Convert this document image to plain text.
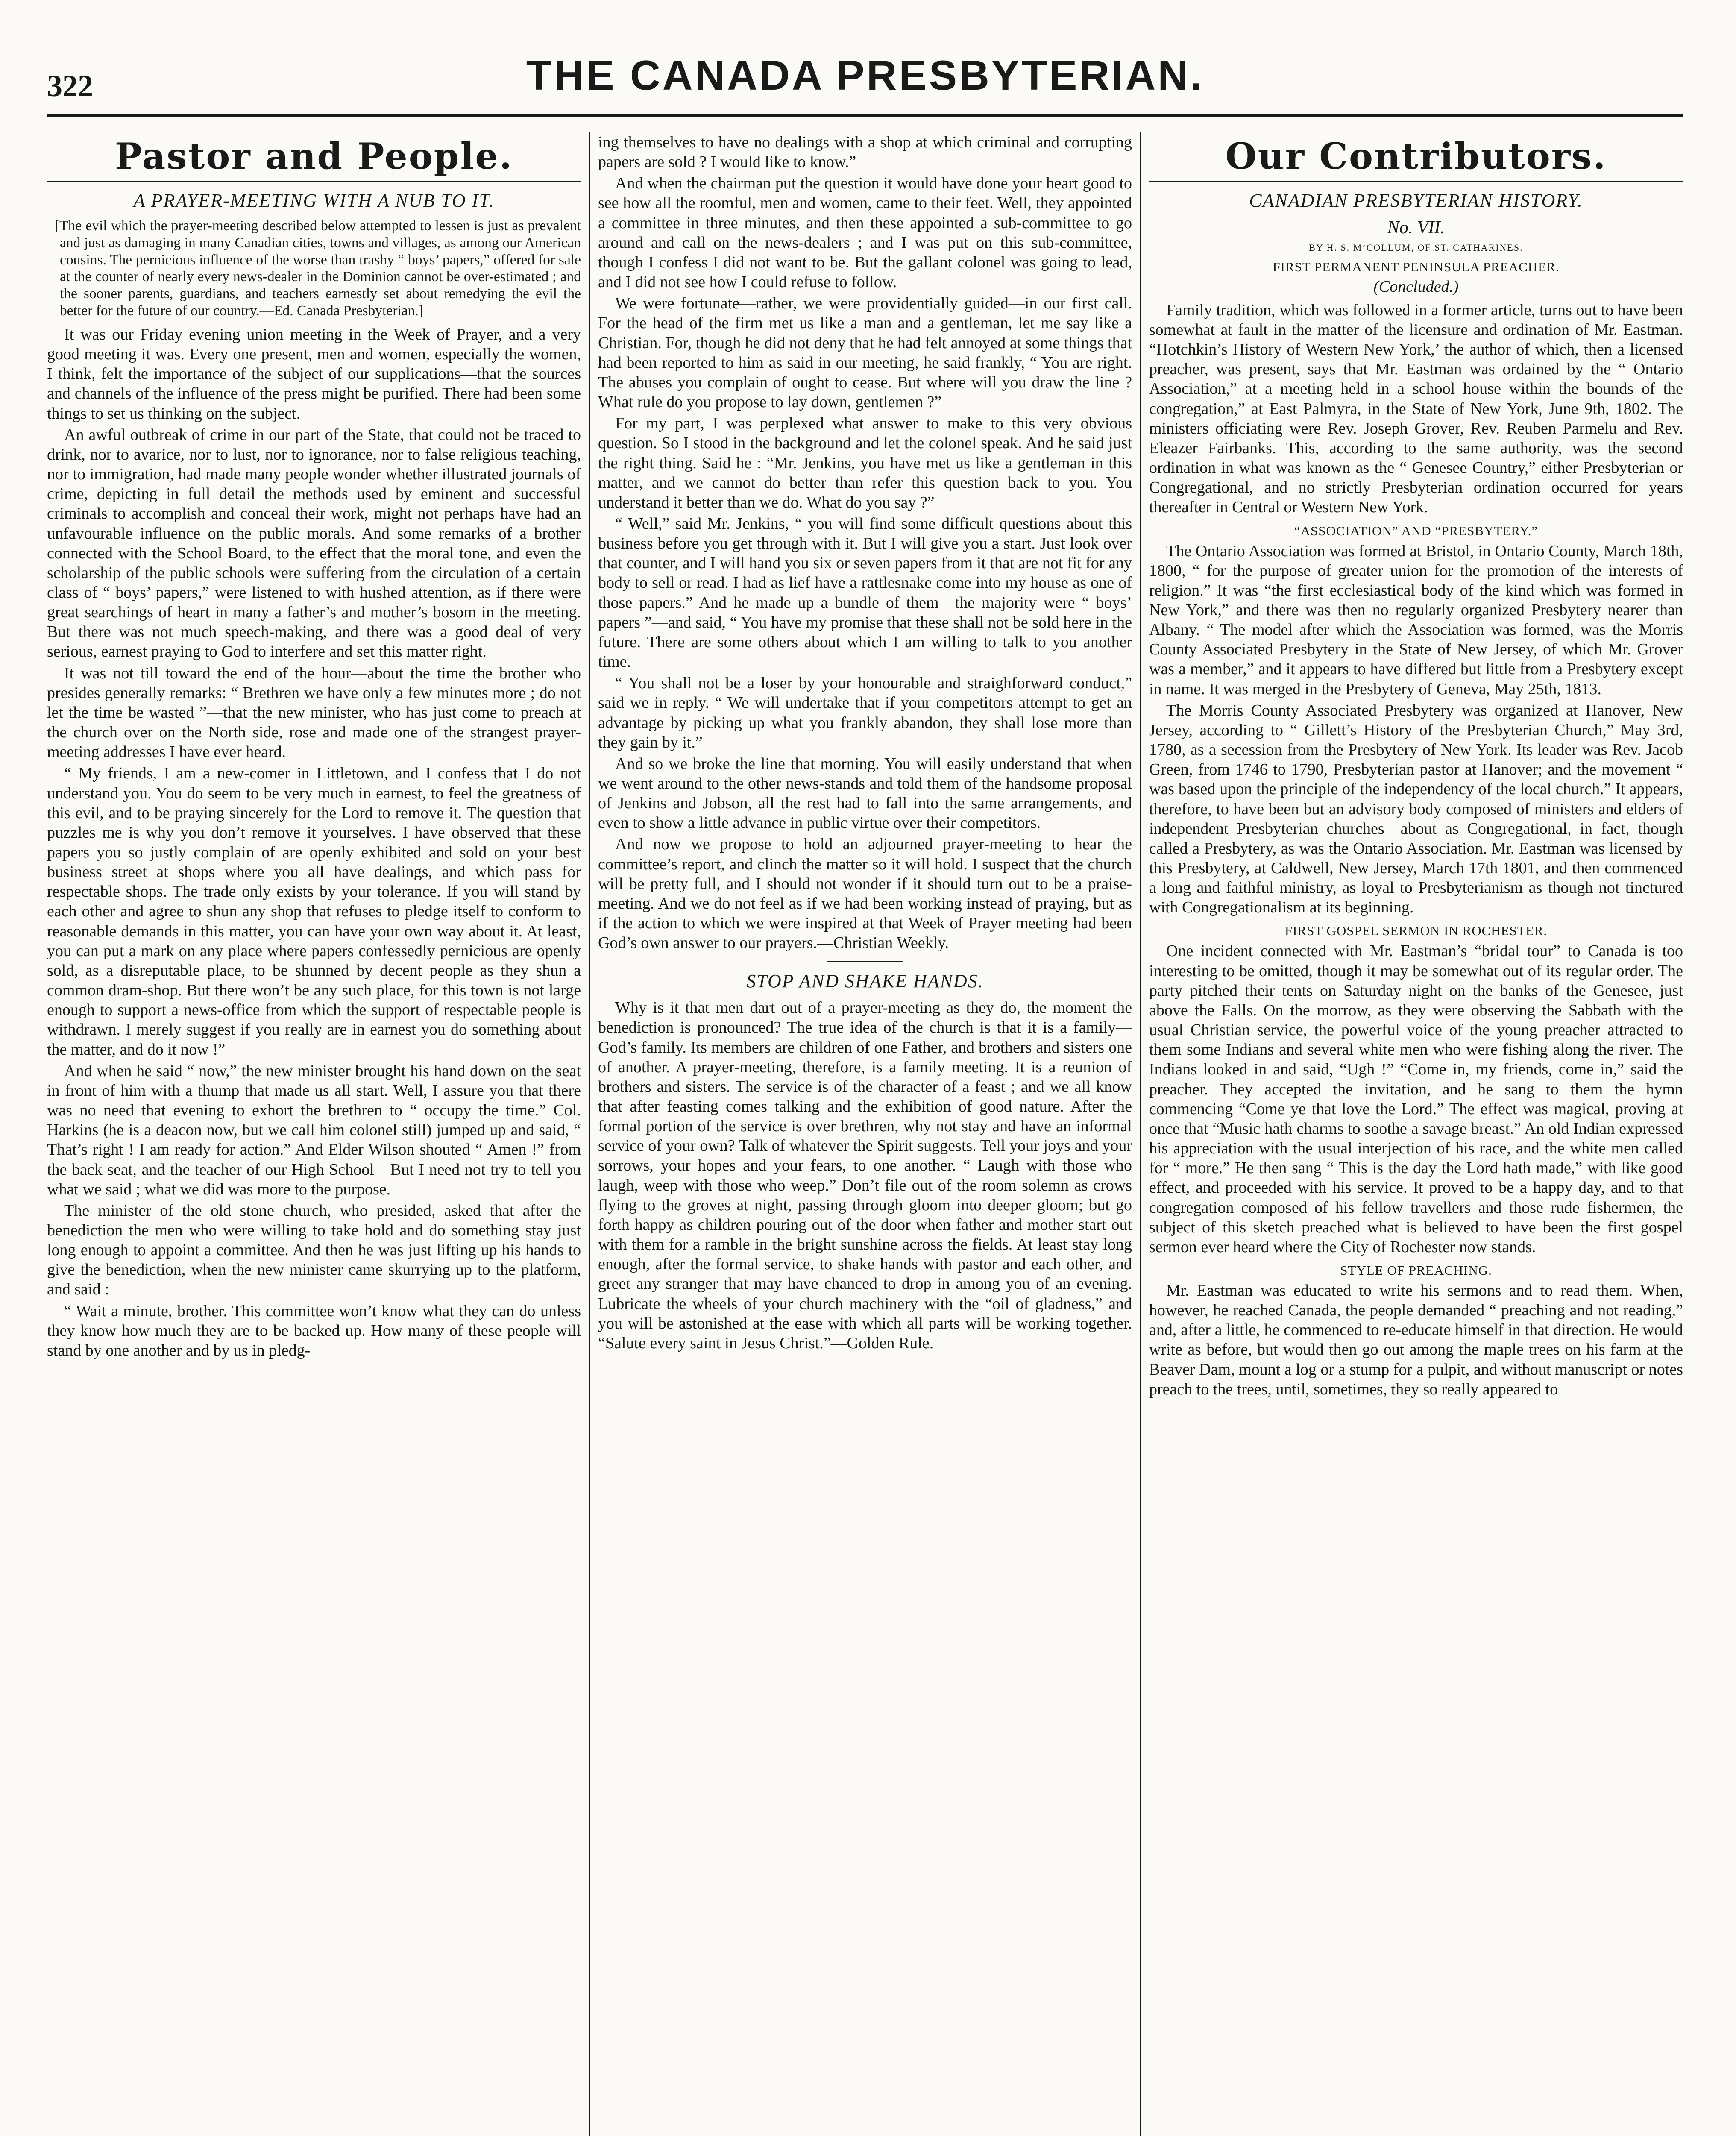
322	THE CANADA PRESBYTERIAN.
Pastor and People.
A PRAYER-MEETING WITH A NUB TO IT.
[The evil which the prayer-meeting described below attempted to lessen is just as prevalent and just as damaging in many Canadian cities, towns and villages, as among our American cousins. The pernicious influence of the worse than trashy “ boys’ papers,” offered for sale at the counter of nearly every news-dealer in the Dominion cannot be over-estimated ; and the sooner parents, guardians, and teachers earnestly set about remedying the evil the better for the future of our country.—Ed. Canada Presbyterian.]

It was our Friday evening union meeting in the Week of Prayer, and a very good meeting it was. Every one present, men and women, especially the women, I think, felt the importance of the subject of our supplications—that the sources and channels of the influence of the press might be purified. There had been some things to set us thinking on the subject.

An awful outbreak of crime in our part of the State, that could not be traced to drink, nor to avarice, nor to lust, nor to ignorance, nor to false religious teaching, nor to immigration, had made many people wonder whether illustrated journals of crime, depicting in full detail the methods used by eminent and successful criminals to accomplish and conceal their work, might not perhaps have had an unfavourable influence on the public morals. And some remarks of a brother connected with the School Board, to the effect that the moral tone, and even the scholarship of the public schools were suffering from the circulation of a certain class of “ boys’ papers,” were listened to with hushed attention, as if there were great searchings of heart in many a father’s and mother’s bosom in the meeting. But there was not much speech-making, and there was a good deal of very serious, earnest praying to God to interfere and set this matter right.

It was not till toward the end of the hour—about the time the brother who presides generally remarks: “ Brethren we have only a few minutes more ; do not let the time be wasted ”—that the new minister, who has just come to preach at the church over on the North side, rose and made one of the strangest prayer-meeting addresses I have ever heard.

“ My friends, I am a new-comer in Littletown, and I confess that I do not understand you. You do seem to be very much in earnest, to feel the greatness of this evil, and to be praying sincerely for the Lord to remove it. The question that puzzles me is why you don’t remove it yourselves. I have observed that these papers you so justly complain of are openly exhibited and sold on your best business street at shops where you all have dealings, and which pass for respectable shops. The trade only exists by your tolerance. If you will stand by each other and agree to shun any shop that refuses to pledge itself to conform to reasonable demands in this matter, you can have your own way about it. At least, you can put a mark on any place where papers confessedly pernicious are openly sold, as a disreputable place, to be shunned by decent people as they shun a common dram-shop. But there won’t be any such place, for this town is not large enough to support a news-office from which the support of respectable people is withdrawn. I merely suggest if you really are in earnest you do something about the matter, and do it now !”

And when he said “ now,” the new minister brought his hand down on the seat in front of him with a thump that made us all start. Well, I assure you that there was no need that evening to exhort the brethren to “ occupy the time.” Col. Harkins (he is a deacon now, but we call him colonel still) jumped up and said, “ That’s right ! I am ready for action.” And Elder Wilson shouted “ Amen !” from the back seat, and the teacher of our High School—But I need not try to tell you what we said ; what we did was more to the purpose.

The minister of the old stone church, who presided, asked that after the benediction the men who were willing to take hold and do something stay just long enough to appoint a committee. And then he was just lifting up his hands to give the benediction, when the new minister came skurrying up to the platform, and said :

“ Wait a minute, brother. This committee won’t know what they can do unless they know how much they are to be backed up. How many of these people will stand by one another and by us in pledg-

ing themselves to have no dealings with a shop at which criminal and corrupting papers are sold ? I would like to know.”

And when the chairman put the question it would have done your heart good to see how all the roomful, men and women, came to their feet. Well, they appointed a committee in three minutes, and then these appointed a sub-committee to go around and call on the news-dealers ; and I was put on this sub-committee, though I confess I did not want to be. But the gallant colonel was going to lead, and I did not see how I could refuse to follow.

We were fortunate—rather, we were providentially guided—in our first call. For the head of the firm met us like a man and a gentleman, let me say like a Christian. For, though he did not deny that he had felt annoyed at some things that had been reported to him as said in our meeting, he said frankly, “ You are right. The abuses you complain of ought to cease. But where will you draw the line ? What rule do you propose to lay down, gentlemen ?”

For my part, I was perplexed what answer to make to this very obvious question. So I stood in the background and let the colonel speak. And he said just the right thing. Said he : “Mr. Jenkins, you have met us like a gentleman in this matter, and we cannot do better than refer this question back to you. You understand it better than we do. What do you say ?”

“ Well,” said Mr. Jenkins, “ you will find some difficult questions about this business before you get through with it. But I will give you a start. Just look over that counter, and I will hand you six or seven papers from it that are not fit for any body to sell or read. I had as lief have a rattlesnake come into my house as one of those papers.” And he made up a bundle of them—the majority were “ boys’ papers ”—and said, “ You have my promise that these shall not be sold here in the future. There are some others about which I am willing to talk to you another time.

“ You shall not be a loser by your honourable and straighforward conduct,” said we in reply. “ We will undertake that if your competitors attempt to get an advantage by picking up what you frankly abandon, they shall lose more than they gain by it.”

And so we broke the line that morning. You will easily understand that when we went around to the other news-stands and told them of the handsome proposal of Jenkins and Jobson, all the rest had to fall into the same arrangements, and even to show a little advance in public virtue over their competitors.

And now we propose to hold an adjourned prayer-meeting to hear the committee’s report, and clinch the matter so it will hold. I suspect that the church will be pretty full, and I should not wonder if it should turn out to be a praise-meeting. And we do not feel as if we had been working instead of praying, but as if the action to which we were inspired at that Week of Prayer meeting had been God’s own answer to our prayers.—Christian Weekly.

STOP AND SHAKE HANDS.

Why is it that men dart out of a prayer-meeting as they do, the moment the benediction is pronounced? The true idea of the church is that it is a family—God’s family. Its members are children of one Father, and brothers and sisters one of another. A prayer-meeting, therefore, is a family meeting. It is a reunion of brothers and sisters. The service is of the character of a feast ; and we all know that after feasting comes talking and the exhibition of good nature. After the formal portion of the service is over brethren, why not stay and have an informal service of your own? Talk of whatever the Spirit suggests. Tell your joys and your sorrows, your hopes and your fears, to one another. “ Laugh with those who laugh, weep with those who weep.” Don’t file out of the room solemn as crows flying to the groves at night, passing through gloom into deeper gloom; but go forth happy as children pouring out of the door when father and mother start out with them for a ramble in the bright sunshine across the fields. At least stay long enough, after the formal service, to shake hands with pastor and each other, and greet any stranger that may have chanced to drop in among you of an evening. Lubricate the wheels of your church machinery with the “oil of gladness,” and you will be astonished at the ease with which all parts will be working together. “Salute every saint in Jesus Christ.”—Golden Rule.

Our Contributors.
CANADIAN PRESBYTERIAN HISTORY.
No. VII.
BY H. S. M’COLLUM, OF ST. CATHARINES.
FIRST PERMANENT PENINSULA PREACHER.
(Concluded.)

Family tradition, which was followed in a former article, turns out to have been somewhat at fault in the matter of the licensure and ordination of Mr. Eastman. “Hotchkin’s History of Western New York,’ the author of which, then a licensed preacher, was present, says that Mr. Eastman was ordained by the “ Ontario Association,” at a meeting held in a school house within the bounds of the congregation,” at East Palmyra, in the State of New York, June 9th, 1802. The ministers officiating were Rev. Joseph Grover, Rev. Reuben Parmelu and Rev. Eleazer Fairbanks. This, according to the same authority, was the second ordination in what was known as the “ Genesee Country,” either Presbyterian or Congregational, and no strictly Presbyterian ordination occurred for years thereafter in Central or Western New York.

“ASSOCIATION” AND “PRESBYTERY.”

The Ontario Association was formed at Bristol, in Ontario County, March 18th, 1800, “ for the purpose of greater union for the promotion of the interests of religion.” It was “the first ecclesiastical body of the kind which was formed in New York,” and there was then no regularly organized Presbytery nearer than Albany. “ The model after which the Association was formed, was the Morris County Associated Presbytery in the State of New Jersey, of which Mr. Grover was a member,” and it appears to have differed but little from a Presbytery except in name. It was merged in the Presbytery of Geneva, May 25th, 1813.

The Morris County Associated Presbytery was organized at Hanover, New Jersey, according to “ Gillett’s History of the Presbyterian Church,” May 3rd, 1780, as a secession from the Presbytery of New York. Its leader was Rev. Jacob Green, from 1746 to 1790, Presbyterian pastor at Hanover; and the movement “ was based upon the principle of the independency of the local church.” It appears, therefore, to have been but an advisory body composed of ministers and elders of independent Presbyterian churches—about as Congregational, in fact, though called a Presbytery, as was the Ontario Association. Mr. Eastman was licensed by this Presbytery, at Caldwell, New Jersey, March 17th 1801, and then commenced a long and faithful ministry, as loyal to Presbyterianism as though not tinctured with Congregationalism at its beginning.

FIRST GOSPEL SERMON IN ROCHESTER.

One incident connected with Mr. Eastman’s “bridal tour” to Canada is too interesting to be omitted, though it may be somewhat out of its regular order. The party pitched their tents on Saturday night on the banks of the Genesee, just above the Falls. On the morrow, as they were observing the Sabbath with the usual Christian service, the powerful voice of the young preacher attracted to them some Indians and several white men who were fishing along the river. The Indians looked in and said, “Ugh !” “Come in, my friends, come in,” said the preacher. They accepted the invitation, and he sang to them the hymn commencing “Come ye that love the Lord.” The effect was magical, proving at once that “Music hath charms to soothe a savage breast.” An old Indian expressed his appreciation with the usual interjection of his race, and the white men called for “ more.” He then sang “ This is the day the Lord hath made,” with like good effect, and proceeded with his service. It proved to be a happy day, and to that congregation composed of his fellow travellers and those rude fishermen, the subject of this sketch preached what is believed to have been the first gospel sermon ever heard where the City of Rochester now stands.

STYLE OF PREACHING.

Mr. Eastman was educated to write his sermons and to read them. When, however, he reached Canada, the people demanded “ preaching and not reading,” and, after a little, he commenced to re-educate himself in that direction. He would write as before, but would then go out among the maple trees on his farm at the Beaver Dam, mount a log or a stump for a pulpit, and without manuscript or notes preach to the trees, until, sometimes, they so really appeared to
